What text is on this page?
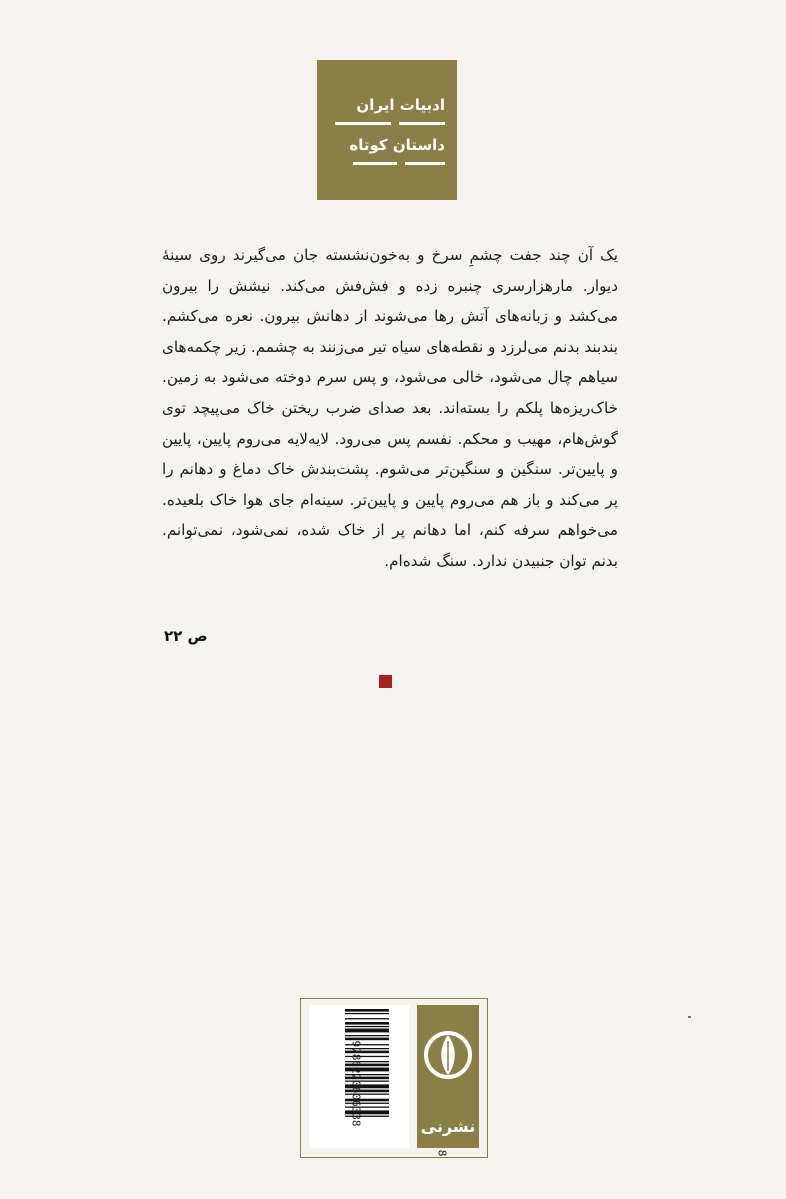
ادبیات ایران
داستان کوتاه

یک آن چند جفت چشمِ سرخ و به‌خون‌نشسته جان می‌گیرند روی سینهٔ دیوار. مارهزارسری چنبره زده و فش‌فش می‌کند. نیشش را بیرون می‌کشد و زبانه‌های آتش رها می‌شوند از دهانش بیرون. نعره می‌کشم. بندبند بدنم می‌لرزد و نقطه‌های سیاه تیر می‌زنند به چشمم. زیر چکمه‌های سیاهم چال می‌شود، خالی می‌شود، و پس سرم دوخته می‌شود به زمین. خاک‌ریزه‌ها پلکم را بسته‌اند. بعد صدای ضرب ریختن خاک می‌پیچد توی گوش‌هام، مهیب و محکم. نفسم پس می‌رود. لایه‌لایه می‌روم پایین، پایین و پایین‌تر. سنگین و سنگین‌تر می‌شوم. پشت‌بندش خاک دماغ و دهانم را پر می‌کند و باز هم می‌روم پایین و پایین‌تر. سینه‌ام جای هوا خاک بلعیده. می‌خواهم سرفه کنم، اما دهانم پر از خاک شده، نمی‌شود، نمی‌توانم. بدنم توان جنبیدن ندارد. سنگ شده‌ام.

ص ۲۲
9786220606338	نشرنی
